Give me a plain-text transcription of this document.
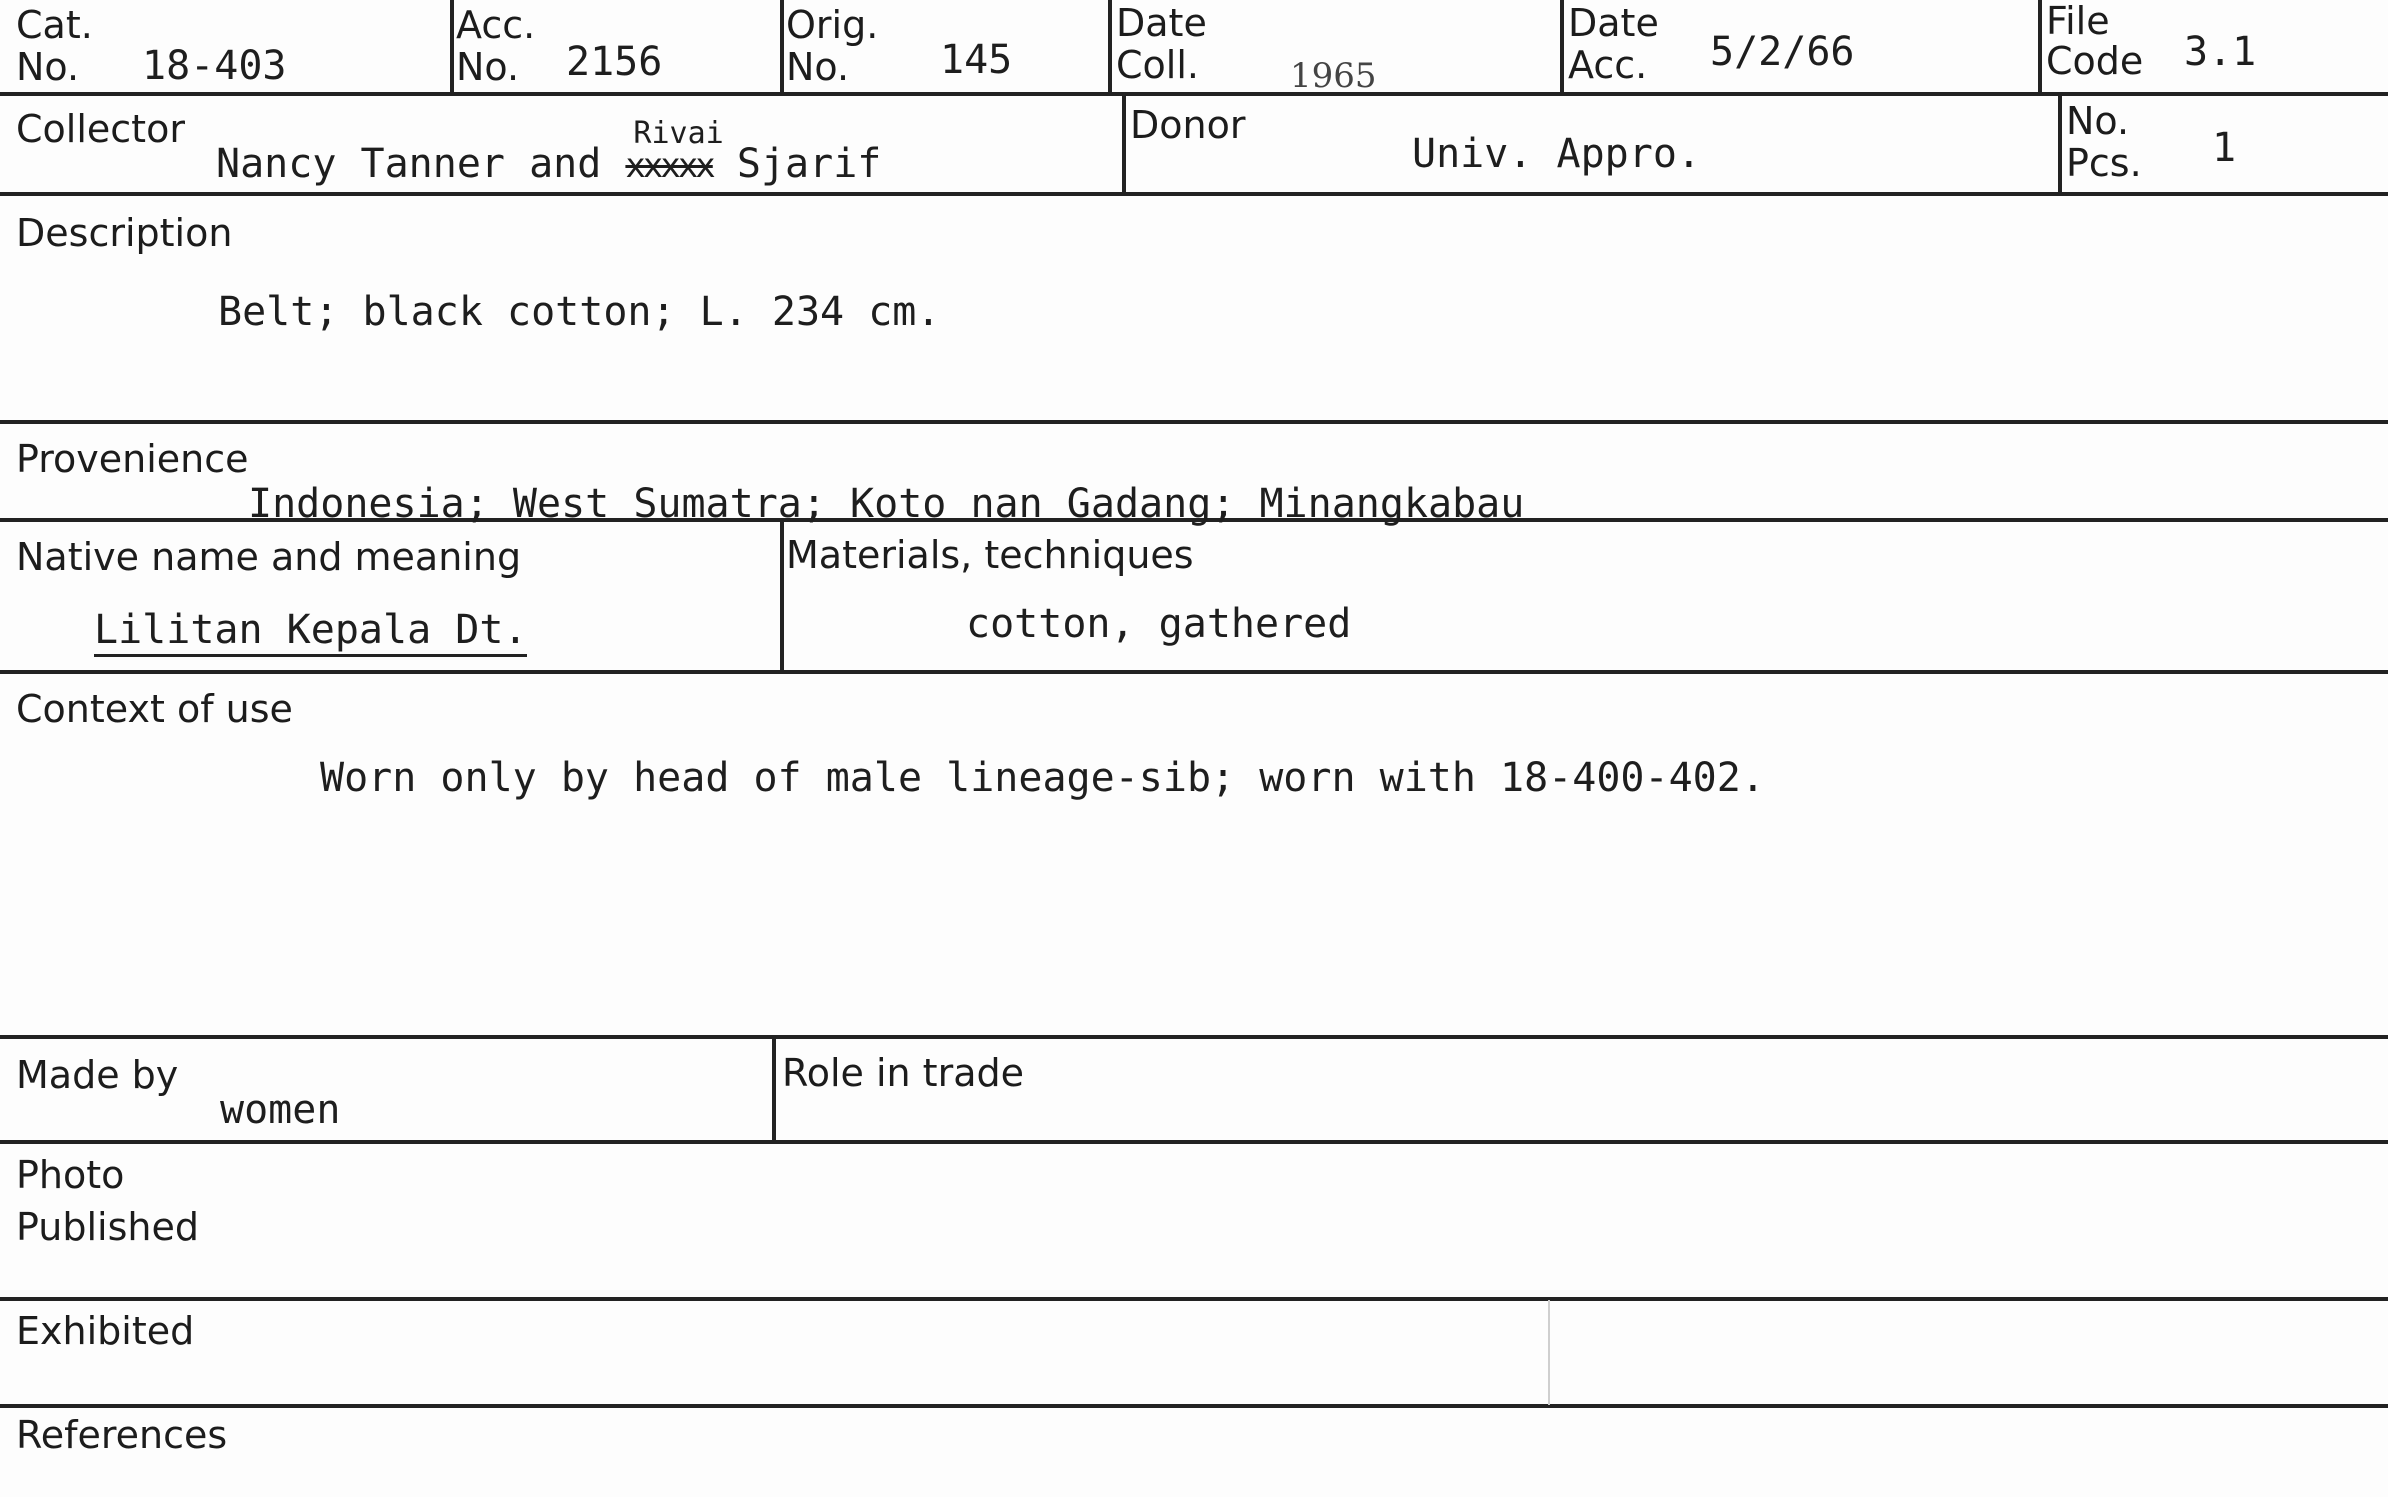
Cat.
No. 18-403
Acc.
No. 2156
Orig.
No. 145
Date
Coll.	1965
Date
Acc. 5/2/66
File
Code 3.1
Collector
Nancy Tanner and xxxxx
Rivai
Sjarif
Donor
Univ. Appro.
No.
Pcs. 1
Description
Belt; black cotton; L. 234 cm.
Provenience
Indonesia; West Sumatra; Koto nan Gadang; Minangkabau
Native name and meaning
Lilitan Kepala Dt.
Materials, techniques
cotton, gathered
Context of use
Worn only by head of male lineage-sib; worn with 18-400-402.
Made by
women
Role in trade
Photo
Published
Exhibited
References
